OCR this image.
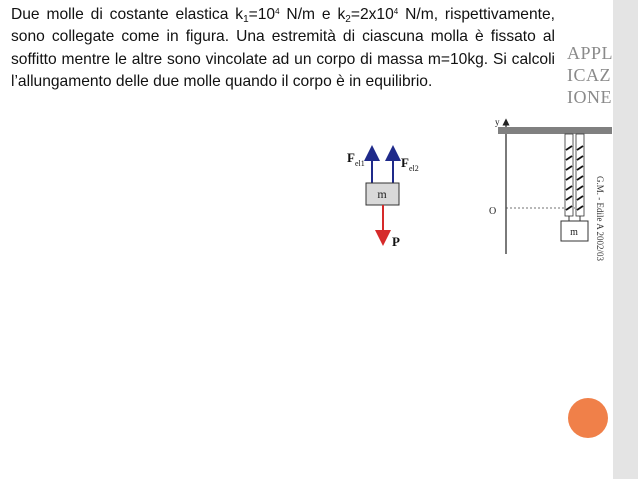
Due molle di costante elastica $k_1=10^4$ N/m e $k_2=2x10^4$ N/m, rispettivamente, sono collegate come in figura. Una estremità di ciascuna molla è fissato al soffitto mentre le altre sono vincolate ad un corpo di massa m=10kg. Si calcoli l’allungamento delle due molle quando il corpo è in equilibrio.
APPLICAZIONE
m
$F_{el1}$	$F_{el2}$
P
y
O
m	G.M. - Edile A 2002/03
